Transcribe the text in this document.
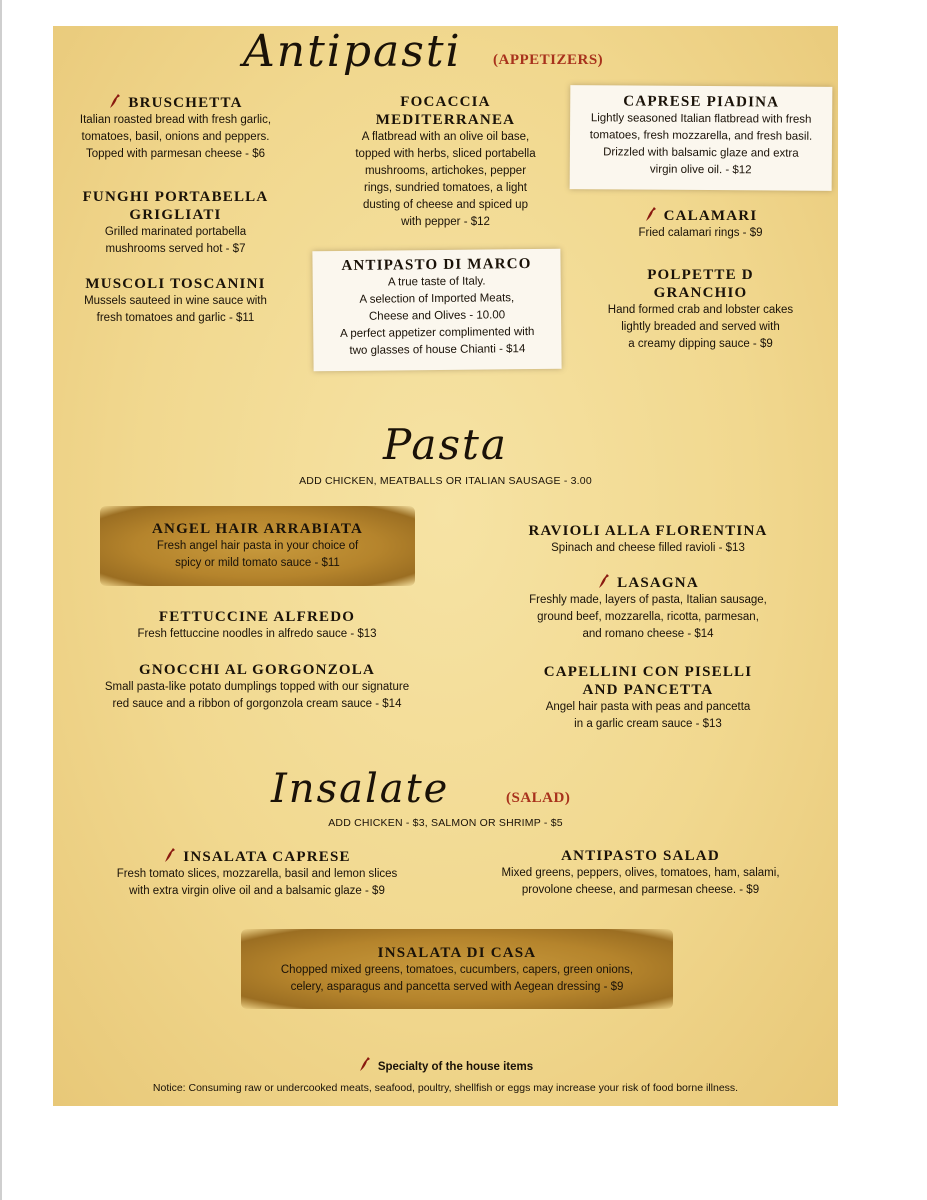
Antipasti (APPETIZERS)
BRUSCHETTA
Italian roasted bread with fresh garlic,
tomatoes, basil, onions and peppers.
Topped with parmesan cheese - $6
FUNGHI PORTABELLA
GRIGLIATI
Grilled marinated portabella
mushrooms served hot - $7
MUSCOLI TOSCANINI
Mussels sauteed in wine sauce with
fresh tomatoes and garlic - $11
FOCACCIA
MEDITERRANEA
A flatbread with an olive oil base,
topped with herbs, sliced portabella
mushrooms, artichokes, pepper
rings, sundried tomatoes, a light
dusting of cheese and spiced up
with pepper - $12
ANTIPASTO DI MARCO
A true taste of Italy.
A selection of Imported Meats,
Cheese and Olives - 10.00
A perfect appetizer complimented with
two glasses of house Chianti - $14
CAPRESE PIADINA
Lightly seasoned Italian flatbread with fresh
tomatoes, fresh mozzarella, and fresh basil.
Drizzled with balsamic glaze and extra
virgin olive oil. - $12
CALAMARI
Fried calamari rings - $9
POLPETTE D
GRANCHIO
Hand formed crab and lobster cakes
lightly breaded and served with
a creamy dipping sauce - $9
Pasta
ADD CHICKEN, MEATBALLS OR ITALIAN SAUSAGE - 3.00
ANGEL HAIR ARRABIATA
Fresh angel hair pasta in your choice of
spicy or mild tomato sauce - $11
FETTUCCINE ALFREDO
Fresh fettuccine noodles in alfredo sauce - $13
GNOCCHI AL GORGONZOLA
Small pasta-like potato dumplings topped with our signature
red sauce and a ribbon of gorgonzola cream sauce - $14
RAVIOLI ALLA FLORENTINA
Spinach and cheese filled ravioli - $13
LASAGNA
Freshly made, layers of pasta, Italian sausage,
ground beef, mozzarella, ricotta, parmesan,
and romano cheese - $14
CAPELLINI CON PISELLI
AND PANCETTA
Angel hair pasta with peas and pancetta
in a garlic cream sauce - $13
Insalate	(SALAD)
ADD CHICKEN - $3, SALMON OR SHRIMP - $5
INSALATA CAPRESE
Fresh tomato slices, mozzarella, basil and lemon slices
with extra virgin olive oil and a balsamic glaze - $9
ANTIPASTO SALAD
Mixed greens, peppers, olives, tomatoes, ham, salami,
provolone cheese, and parmesan cheese. - $9
INSALATA DI CASA
Chopped mixed greens, tomatoes, cucumbers, capers, green onions,
celery, asparagus and pancetta served with Aegean dressing - $9
Specialty of the house items
Notice: Consuming raw or undercooked meats, seafood, poultry, shellfish or eggs may increase your risk of food borne illness.
